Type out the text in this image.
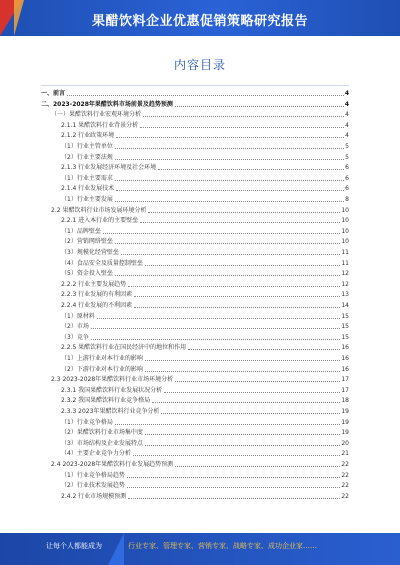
果醋饮料企业优惠促销策略研究报告
内容目录
一、前言	4
二、2023-2028年果醋饮料市场前景及趋势预测	4
（一）果醋饮料行业宏观环境分析	4
2.1.1 果醋饮料行业背景分析	4
2.1.2 行业政策环境	4
（1）行业主管单位	5
（2）行业主要法规	5
2.1.3 行业发展经济环境及社会环境	6
（1）行业主要需求	6
2.1.4 行业发展技术	6
（1）行业主要发展	8
2.2 果醋饮料行业市场发展环境分析	10
2.2.1 进入本行业的主要壁垒	10
（1）品牌壁垒	10
（2）营销网络壁垒	10
（3）规模化经营壁垒	11
（4）食品安全及质量控制壁垒	11
（5）资金投入壁垒	12
2.2.2 行业主要发展趋势	12
2.2.3 行业发展的有利因素	13
2.2.4 行业发展的不利因素	14
（1）原材料	15
（2）市场	15
（3）竞争	15
2.2.5 果醋饮料行业在国民经济中的地位和作用	16
（1）上游行业对本行业的影响	16
（2）下游行业对本行业的影响	16
2.3 2023-2028年果醋饮料行业市场环境分析	17
2.3.1 我国果醋饮料行业发展状况分析	17
2.3.2 我国果醋饮料行业竞争格局	18
2.3.3 2023年果醋饮料行业竞争分析	19
（1）行业竞争格局	19
（2）果醋饮料行业市场集中度	19
（3）市场结构及企业发展特点	20
（4）主要企业竞争力分析	21
2.4 2023-2028年果醋饮料行业发展趋势预测	22
（1）行业竞争格局趋势	22
（2）行业技术发展趋势	22
2.4.2 行业市场规模预测	22
让每个人都能成为	行业专家、管理专家、营销专家、战略专家、成功企业家……
